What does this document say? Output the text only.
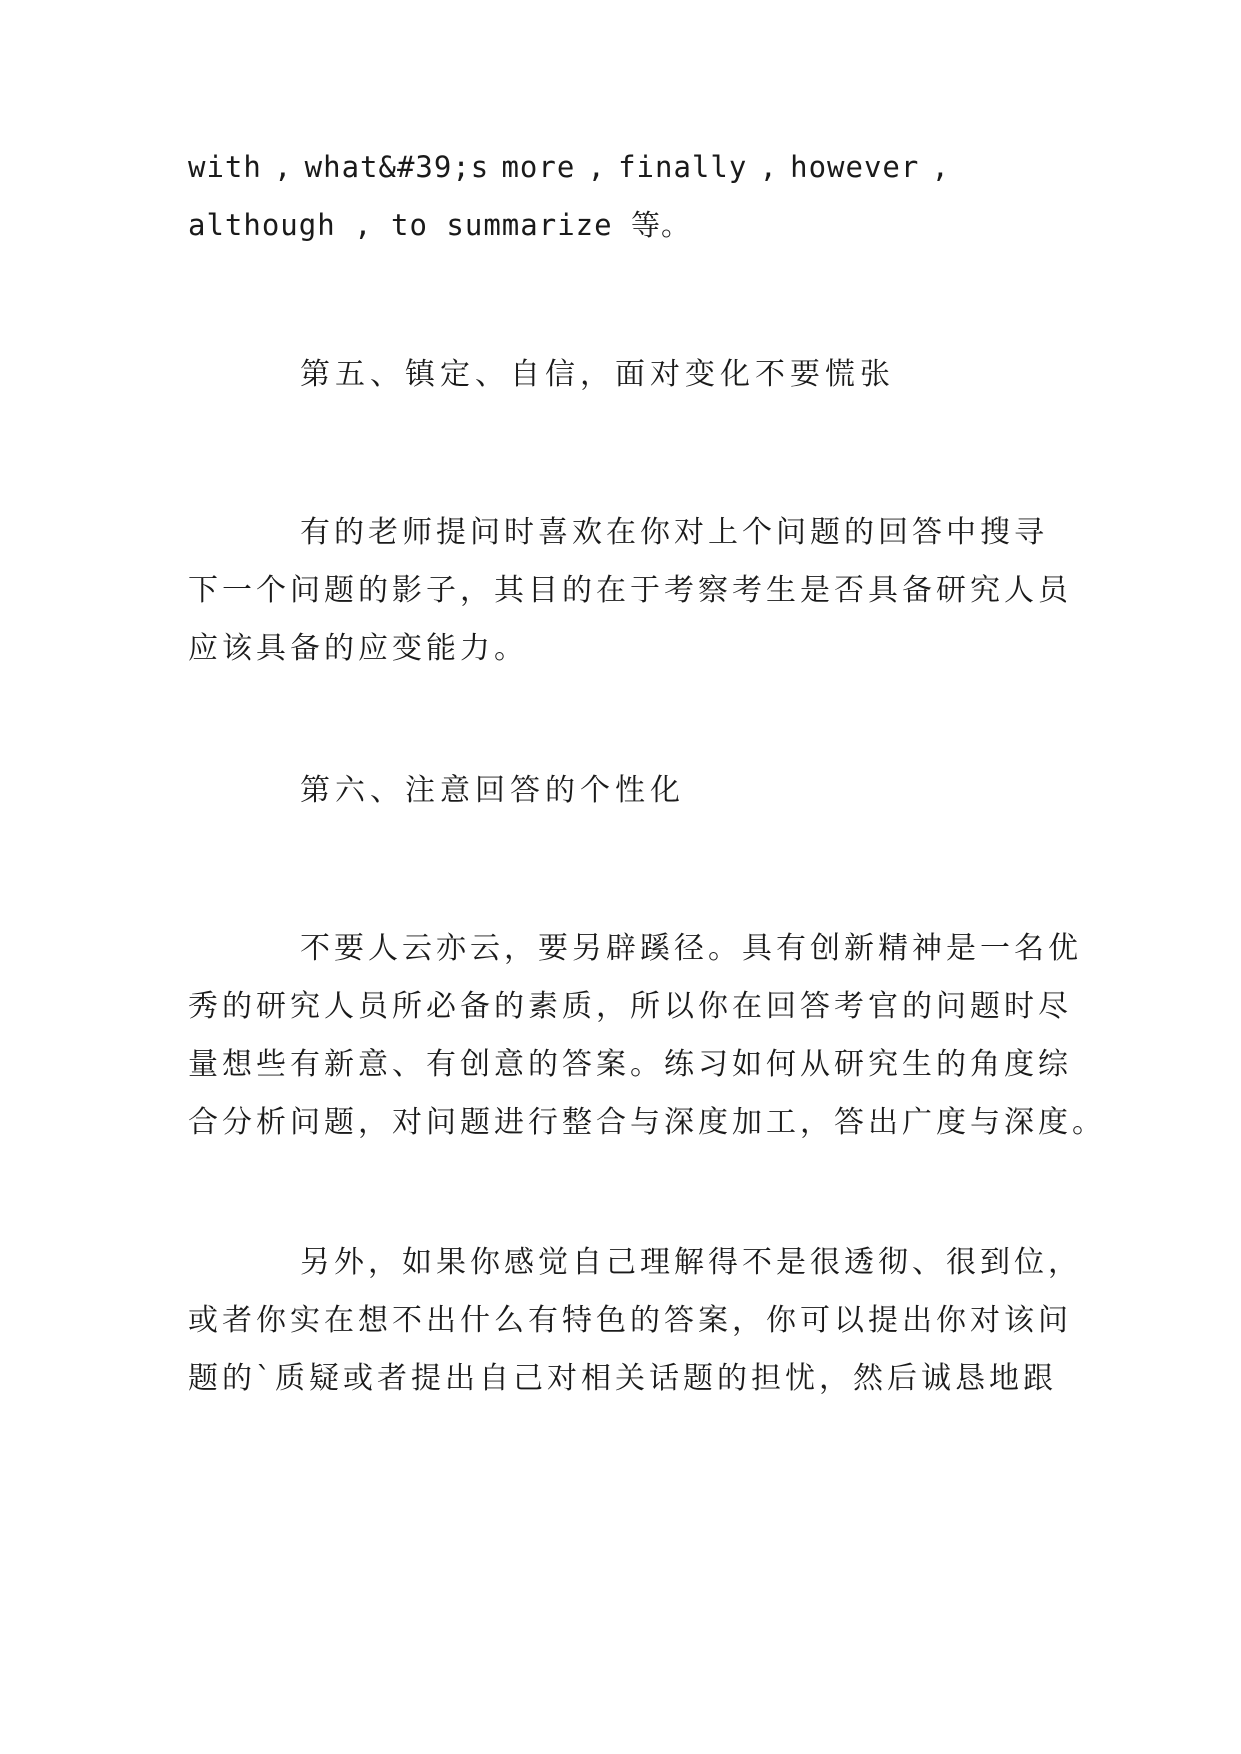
with , what&#39;s more , finally , however ,
although , to summarize 等。
第五、镇定、自信，面对变化不要慌张
有的老师提问时喜欢在你对上个问题的回答中搜寻
下一个问题的影子，其目的在于考察考生是否具备研究人员
应该具备的应变能力。
第六、注意回答的个性化
不要人云亦云，要另辟蹊径。具有创新精神是一名优
秀的研究人员所必备的素质，所以你在回答考官的问题时尽
量想些有新意、有创意的答案。练习如何从研究生的角度综
合分析问题，对问题进行整合与深度加工，答出广度与深度。
另外，如果你感觉自己理解得不是很透彻、很到位，
或者你实在想不出什么有特色的答案，你可以提出你对该问
题的`质疑或者提出自己对相关话题的担忧，然后诚恳地跟
